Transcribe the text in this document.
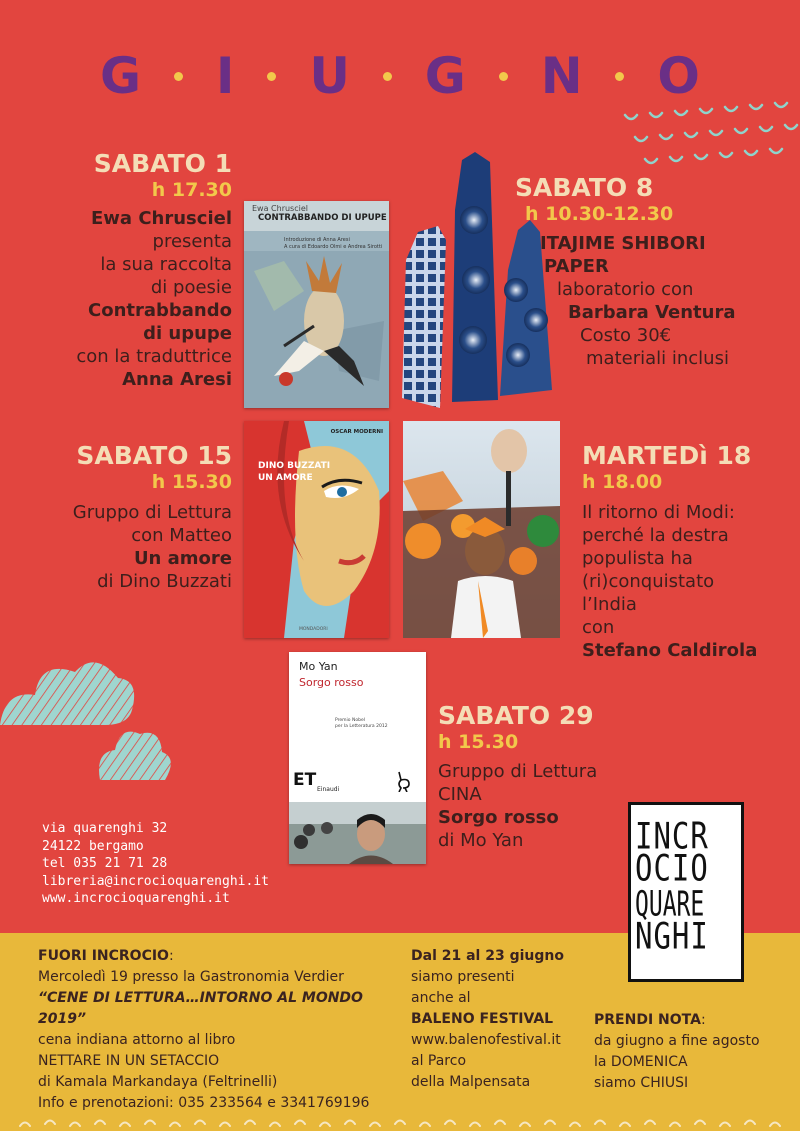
G I U G N O
SABATO 1
h 17.30
Ewa Chrusciel
presenta
la sua raccolta
di poesie
Contrabbando
di upupe
con la traduttrice
Anna Aresi
Ewa Chrusciel
CONTRABBANDO DI UPUPE
Introduzione di Anna Aresi
A cura di Edoardo Olmi e Andrea Sirotti
SABATO 8
h 10.30-12.30
ITAJIME SHIBORI
PAPER
laboratorio con
Barbara Ventura
Costo 30€
materiali inclusi
SABATO 15
h 15.30
Gruppo di Lettura
con Matteo
Un amore
di Dino Buzzati
OSCAR MODERNI
DINO BUZZATI
UN AMORE
MONDADORI
MARTEDì 18
h 18.00
Il ritorno di Modi:
perché la destra
populista ha
(ri)conquistato
l’India
con
Stefano Caldirola
Mo Yan
Sorgo rosso
Premio Nobel
per la Letteratura 2012
ET Einaudi
SABATO 29
h 15.30
Gruppo di Lettura
CINA
Sorgo rosso
di Mo Yan
via quarenghi 32
24122 bergamo
tel 035 21 71 28
libreria@incrocioquarenghi.it
www.incrocioquarenghi.it
INCR
OCIO
QUARE
NGHI
FUORI INCROCIO:
Mercoledì 19 presso la Gastronomia Verdier
“CENE DI LETTURA…INTORNO AL MONDO 2019”
cena indiana attorno al libro
NETTARE IN UN SETACCIO
di Kamala Markandaya (Feltrinelli)
Info e prenotazioni: 035 233564 e 3341769196
Dal 21 al 23 giugno
siamo presenti
anche al
BALENO FESTIVAL
www.balenofestival.it
al Parco
della Malpensata
PRENDI NOTA:
da giugno a fine agosto
la DOMENICA
siamo CHIUSI
